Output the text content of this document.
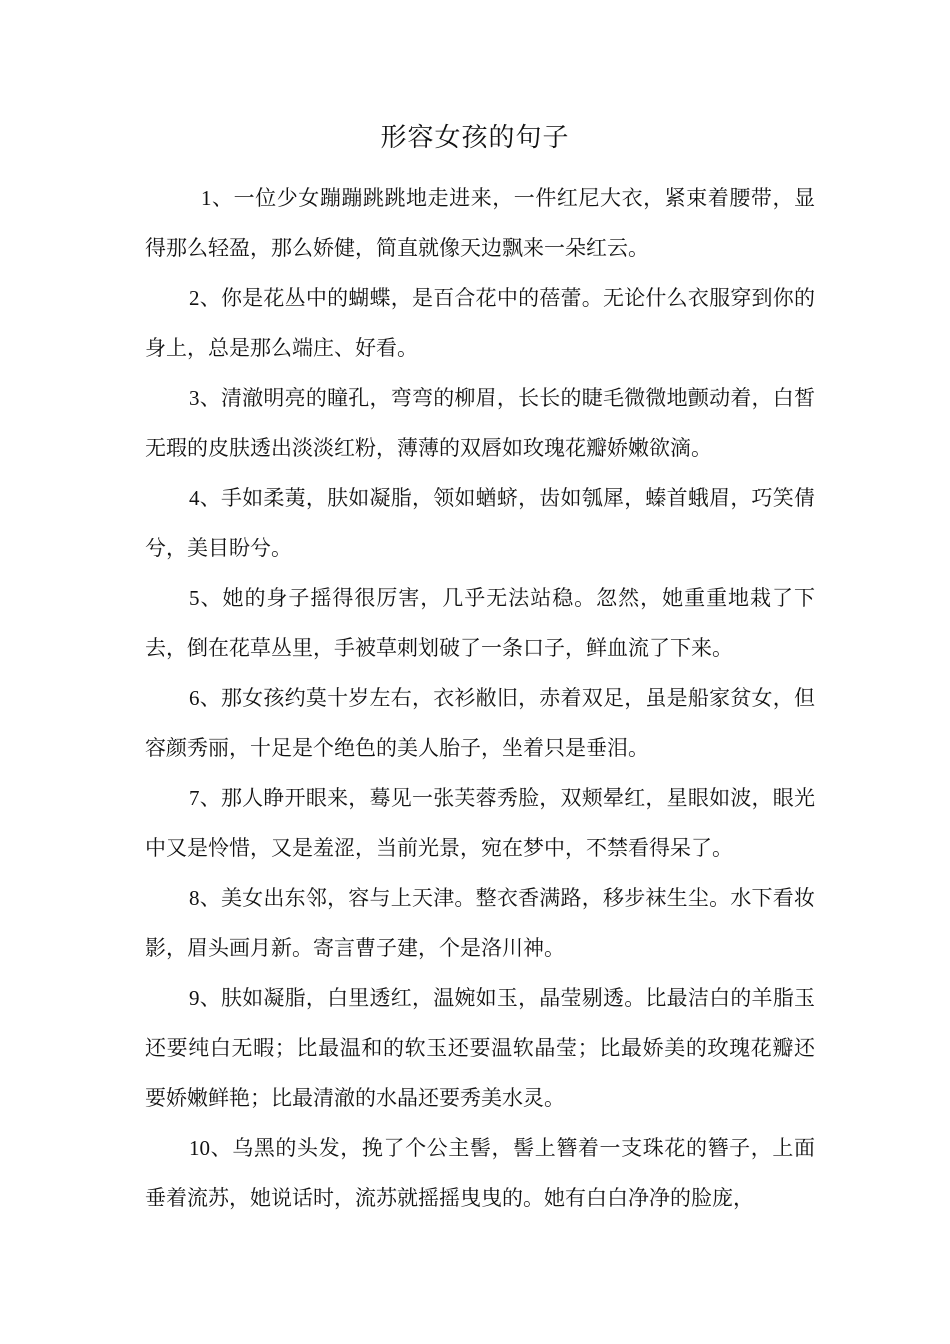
形容女孩的句子

1、一位少女蹦蹦跳跳地走进来，一件红尼大衣，紧束着腰带，显得那么轻盈，那么娇健，简直就像天边飘来一朵红云。

2、你是花丛中的蝴蝶，是百合花中的蓓蕾。无论什么衣服穿到你的身上，总是那么端庄、好看。

3、清澈明亮的瞳孔，弯弯的柳眉，长长的睫毛微微地颤动着，白皙无瑕的皮肤透出淡淡红粉，薄薄的双唇如玫瑰花瓣娇嫩欲滴。

4、手如柔荑，肤如凝脂，领如蝤蛴，齿如瓠犀，螓首蛾眉，巧笑倩兮，美目盼兮。

5、她的身子摇得很厉害，几乎无法站稳。忽然，她重重地栽了下去，倒在花草丛里，手被草刺划破了一条口子，鲜血流了下来。

6、那女孩约莫十岁左右，衣衫敝旧，赤着双足，虽是船家贫女，但容颜秀丽，十足是个绝色的美人胎子，坐着只是垂泪。

7、那人睁开眼来，蓦见一张芙蓉秀脸，双颊晕红，星眼如波，眼光中又是怜惜，又是羞涩，当前光景，宛在梦中，不禁看得呆了。

8、美女出东邻，容与上天津。整衣香满路，移步袜生尘。水下看妆影，眉头画月新。寄言曹子建，个是洛川神。

9、肤如凝脂，白里透红，温婉如玉，晶莹剔透。比最洁白的羊脂玉还要纯白无暇；比最温和的软玉还要温软晶莹；比最娇美的玫瑰花瓣还要娇嫩鲜艳；比最清澈的水晶还要秀美水灵。

10、乌黑的头发，挽了个公主髻，髻上簪着一支珠花的簪子，上面垂着流苏，她说话时，流苏就摇摇曳曳的。她有白白净净的脸庞，
